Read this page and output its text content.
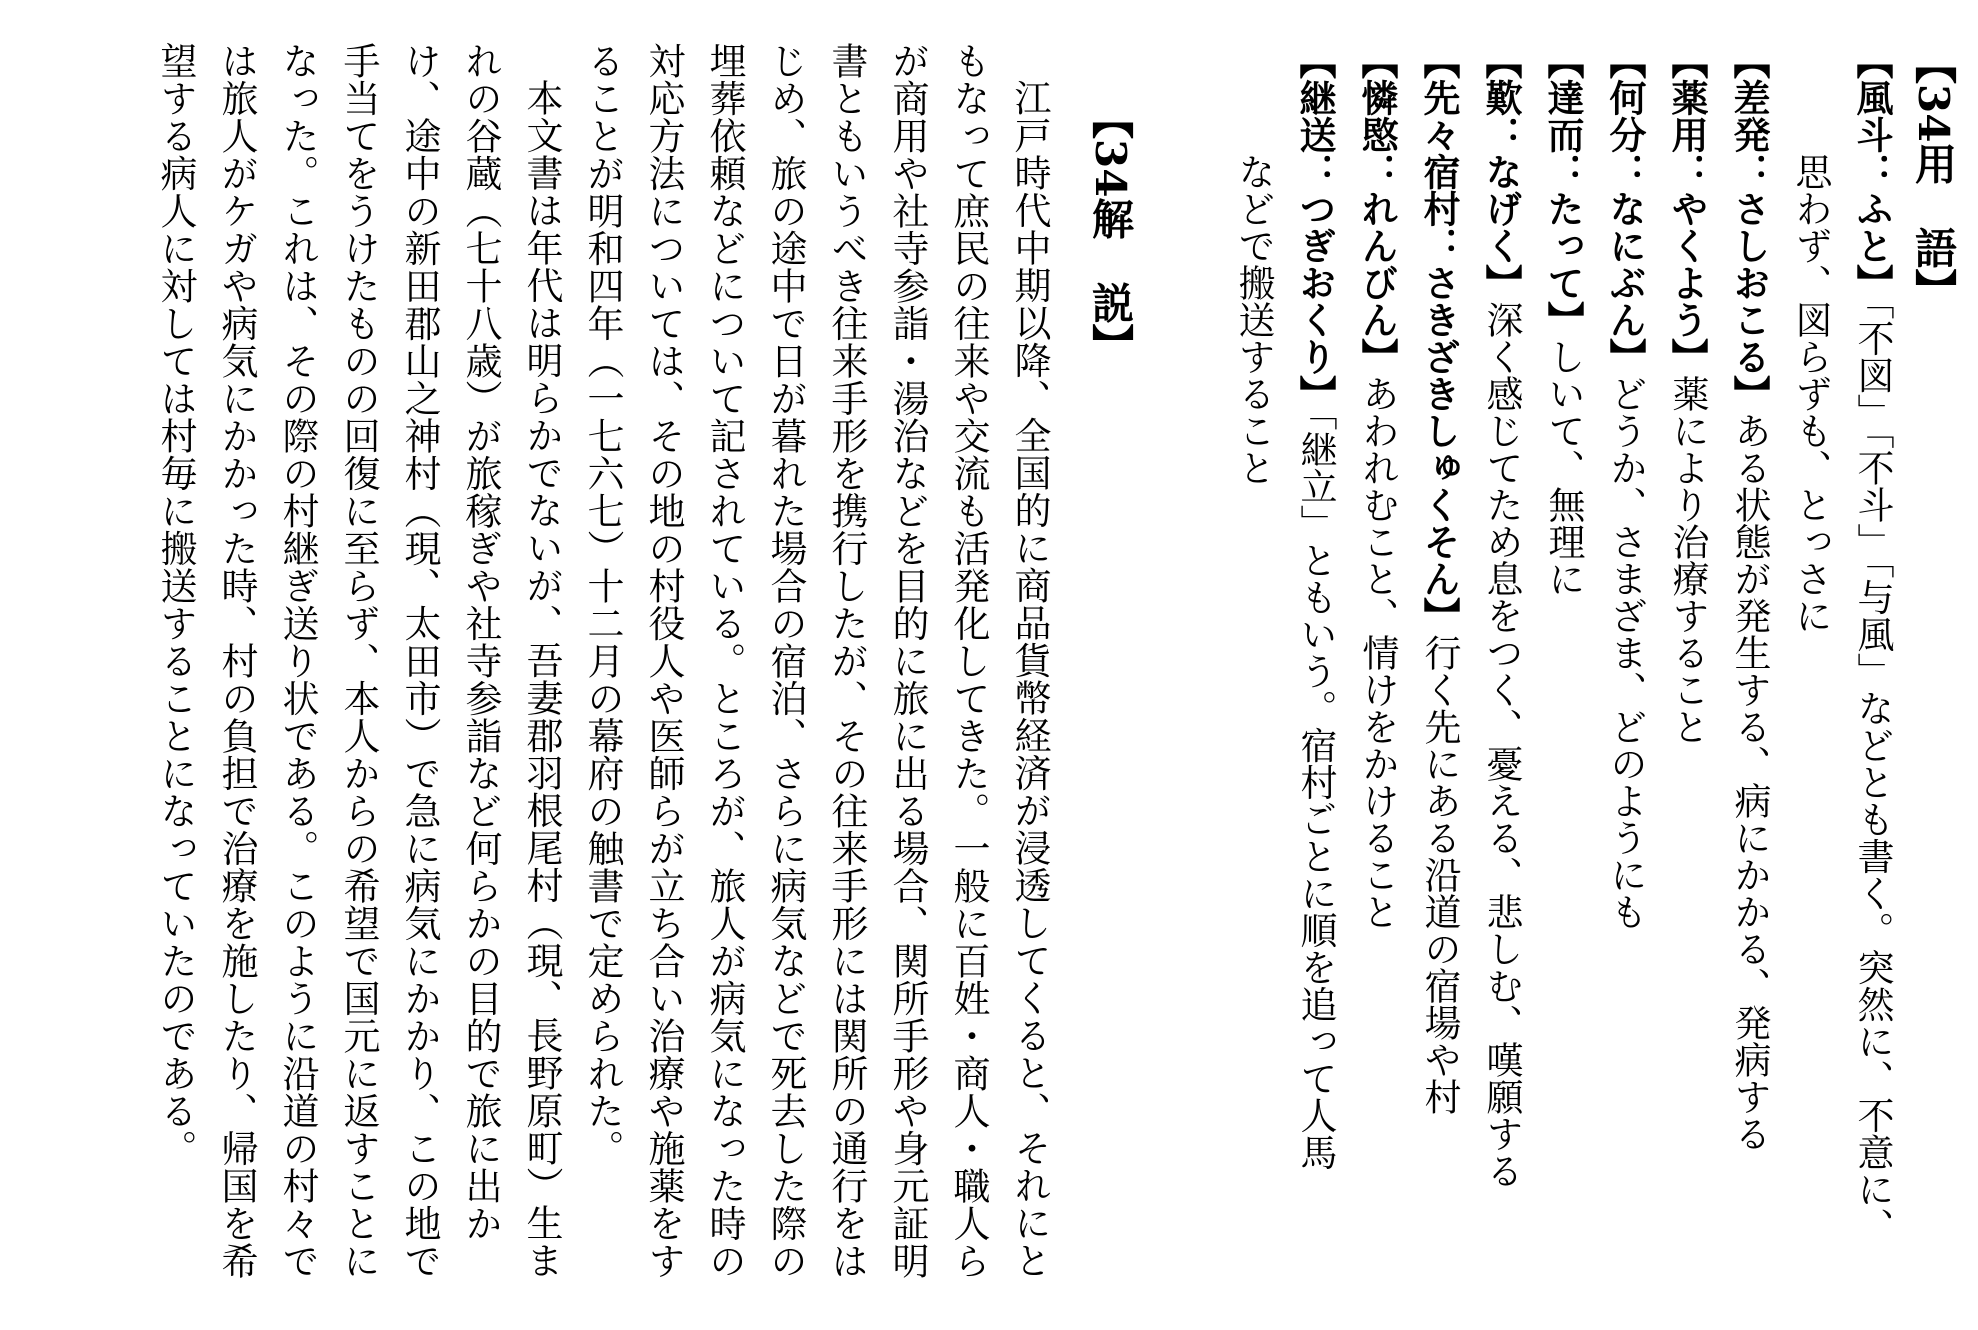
【34用　語】
【風斗：ふと】「不図」「不斗」「与風」などとも書く。突然に、不意に、
思わず、図らずも、とっさに
【差発：さしおこる】ある状態が発生する、病にかかる、発病する
【薬用：やくよう】薬により治療すること
【何分：なにぶん】どうか、さまざま、どのようにも
【達而：たって】しいて、無理に
【歎：なげく】深く感じてため息をつく、憂える、悲しむ、嘆願する
【先々宿村：さきざきしゅくそん】行く先にある沿道の宿場や村
【憐愍：れんびん】あわれむこと、情けをかけること
【継送：つぎおくり】「継立」ともいう。宿村ごとに順を追って人馬
などで搬送すること
【34解　説】
江戸時代中期以降、全国的に商品貨幣経済が浸透してくると、それにともなって庶民の往来や交流も活発化してきた。一般に百姓・商人・職人らが商用や社寺参詣・湯治などを目的に旅に出る場合、関所手形や身元証明書ともいうべき往来手形を携行したが、その往来手形には関所の通行をはじめ、旅の途中で日が暮れた場合の宿泊、さらに病気などで死去した際の埋葬依頼などについて記されている。ところが、旅人が病気になった時の対応方法については、その地の村役人や医師らが立ち合い治療や施薬をすることが明和四年（一七六七）十二月の幕府の触書で定められた。
本文書は年代は明らかでないが、吾妻郡羽根尾村（現、長野原町）生まれの谷蔵（七十八歳）が旅稼ぎや社寺参詣など何らかの目的で旅に出かけ、途中の新田郡山之神村（現、太田市）で急に病気にかかり、この地で手当てをうけたものの回復に至らず、本人からの希望で国元に返すことになった。これは、その際の村継ぎ送り状である。このように沿道の村々では旅人がケガや病気にかかった時、村の負担で治療を施したり、帰国を希望する病人に対しては村毎に搬送することになっていたのである。
